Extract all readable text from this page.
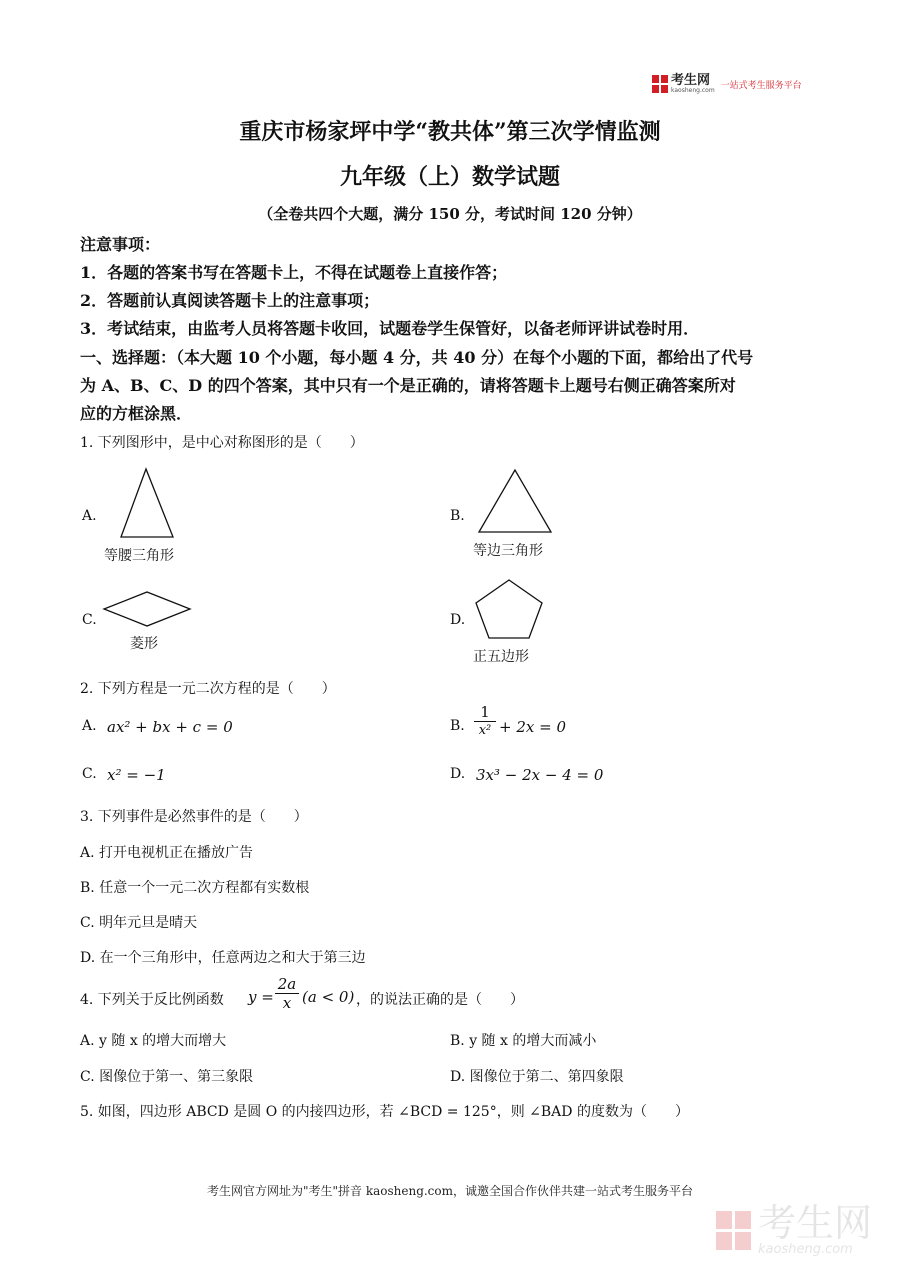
考生网
kaosheng.com 一站式考生服务平台
重庆市杨家坪中学“教共体”第三次学情监测
九年级（上）数学试题
（全卷共四个大题，满分 150 分，考试时间 120 分钟）
注意事项：
1．各题的答案书写在答题卡上，不得在试题卷上直接作答；
2．答题前认真阅读答题卡上的注意事项；
3．考试结束，由监考人员将答题卡收回，试题卷学生保管好，以备老师评讲试卷时用．
一、选择题：（本大题 10 个小题，每小题 4 分，共 40 分）在每个小题的下面，都给出了代号
为 A、B、C、D 的四个答案，其中只有一个是正确的，请将答题卡上题号右侧正确答案所对
应的方框涂黑．
1. 下列图形中，是中心对称图形的是（　　）
A.
等腰三角形
B.
等边三角形
C.
菱形
D.
正五边形
2. 下列方程是一元二次方程的是（　　）
A. ax² + bx + c = 0	B.
1
x² + 2x = 0
C. x² = −1	D. 3x³ − 2x − 4 = 0
3. 下列事件是必然事件的是（　　）
A. 打开电视机正在播放广告
B. 任意一个一元二次方程都有实数根
C. 明年元旦是晴天
D. 在一个三角形中，任意两边之和大于第三边
4. 下列关于反比例函数 y =
2a
x (a < 0) ，的说法正确的是（　　）
A. y 随 x 的增大而增大	B. y 随 x 的增大而减小
C. 图像位于第一、第三象限	D. 图像位于第二、第四象限
5. 如图，四边形 ABCD 是圆 O 的内接四边形，若 ∠BCD = 125°，则 ∠BAD 的度数为（　　）
考生网官方网址为"考生"拼音 kaosheng.com，诚邀全国合作伙伴共建一站式考生服务平台
考生网
kaosheng.com
